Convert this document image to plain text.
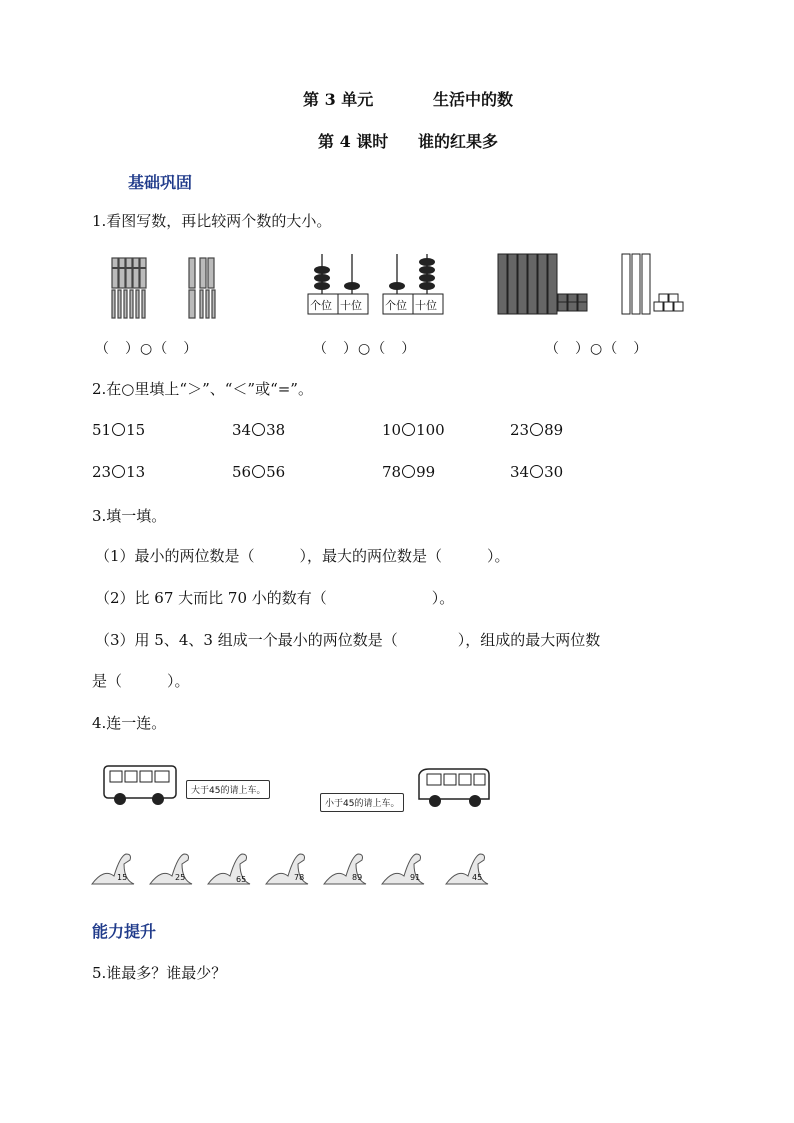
第 3 单元	生活中的数
第 4 课时 谁的红果多
基础巩固
1.看图写数，再比较两个数的大小。
个位 十位 个位 十位
（　）○（　）	（　）○（　）	（　）○（　）
2.在○里填上“＞”、“＜”或“=”。
51 15	34 38	10 100	23 89
23 13	56 56	78 99	34 30
3.填一填。
（1）最小的两位数是（　　　），最大的两位数是（　　　）。
（2）比 67 大而比 70 小的数有（　　　　　　　）。
（3）用 5、4、3 组成一个最小的两位数是（　　　　），组成的最大两位数
是（　　　）。
4.连一连。
大于45的请上车。
小于45的请上车。
15	25	65	78	89	91	45
能力提升
5.谁最多？谁最少？
